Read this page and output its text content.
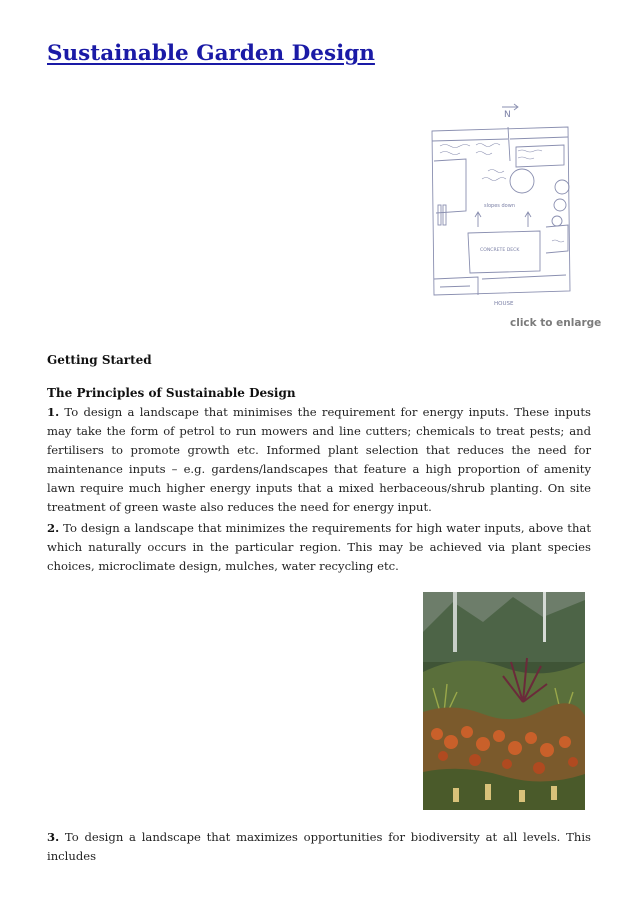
Sustainable Garden Design
N
HOUSE
CONCRETE DECK
slopes down
click to enlarge
Getting Started
The Principles of Sustainable Design

1. To design a landscape that minimises the requirement for energy inputs. These inputs may take the form of petrol to run mowers and line cutters; chemicals to treat pests; and fertilisers to promote growth etc. Informed plant selection that reduces the need for maintenance inputs – e.g. gardens/landscapes that feature a high proportion of amenity lawn require much higher energy inputs that a mixed herbaceous/shrub planting. On site treatment of green waste also reduces the need for energy input.

2. To design a landscape that minimizes the requirements for high water inputs, above that which naturally occurs in the particular region. This may be achieved via plant species choices, microclimate design, mulches, water recycling etc.

3. To design a landscape that maximizes opportunities for biodiversity at all levels. This includes
